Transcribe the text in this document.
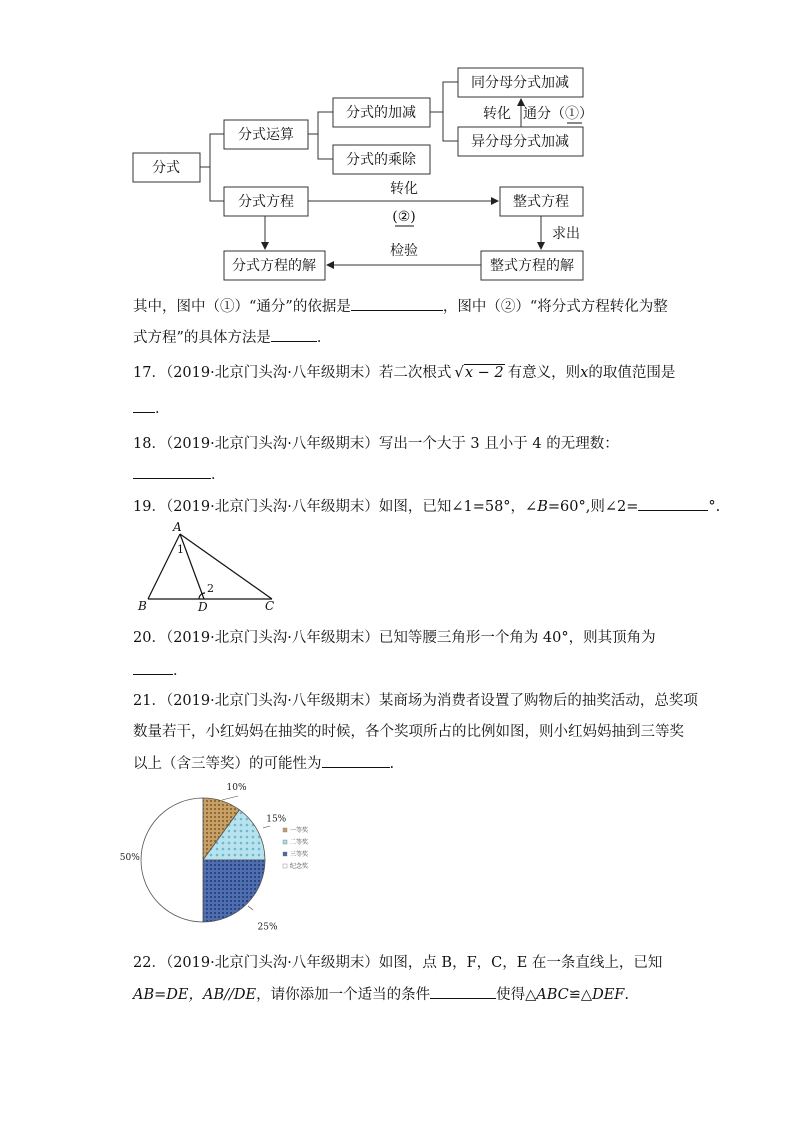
分式
分式运算
分式的加减
分式的乘除
同分母分式加减
异分母分式加减
转化 通分（①）
分式方程	整式方程
转化
(②)
求出
检验
分式方程的解	整式方程的解
其中，图中（①）“通分”的依据是	，图中（②）“将分式方程转化为整
式方程”的具体方法是	．
17．（2019·北京门头沟·八年级期末）若二次根式 √x − 2 有意义，则x的取值范围是
．
18．（2019·北京门头沟·八年级期末）写出一个大于 3 且小于 4 的无理数：
．
19．（2019·北京门头沟·八年级期末）如图，已知∠1=58°，∠B=60°,则∠2=	°.
A
B	C
D
1
2
20．（2019·北京门头沟·八年级期末）已知等腰三角形一个角为 40°，则其顶角为
．
21．（2019·北京门头沟·八年级期末）某商场为消费者设置了购物后的抽奖活动，总奖项
数量若干，小红妈妈在抽奖的时候，各个奖项所占的比例如图，则小红妈妈抽到三等奖
以上（含三等奖）的可能性为	.
10%
15%
25%
50%
一等奖
二等奖
三等奖
纪念奖
22．（2019·北京门头沟·八年级期末）如图，点 B，F，C，E 在一条直线上，已知
AB=DE，AB//DE，请你添加一个适当的条件	使得△ABC≌△DEF.
